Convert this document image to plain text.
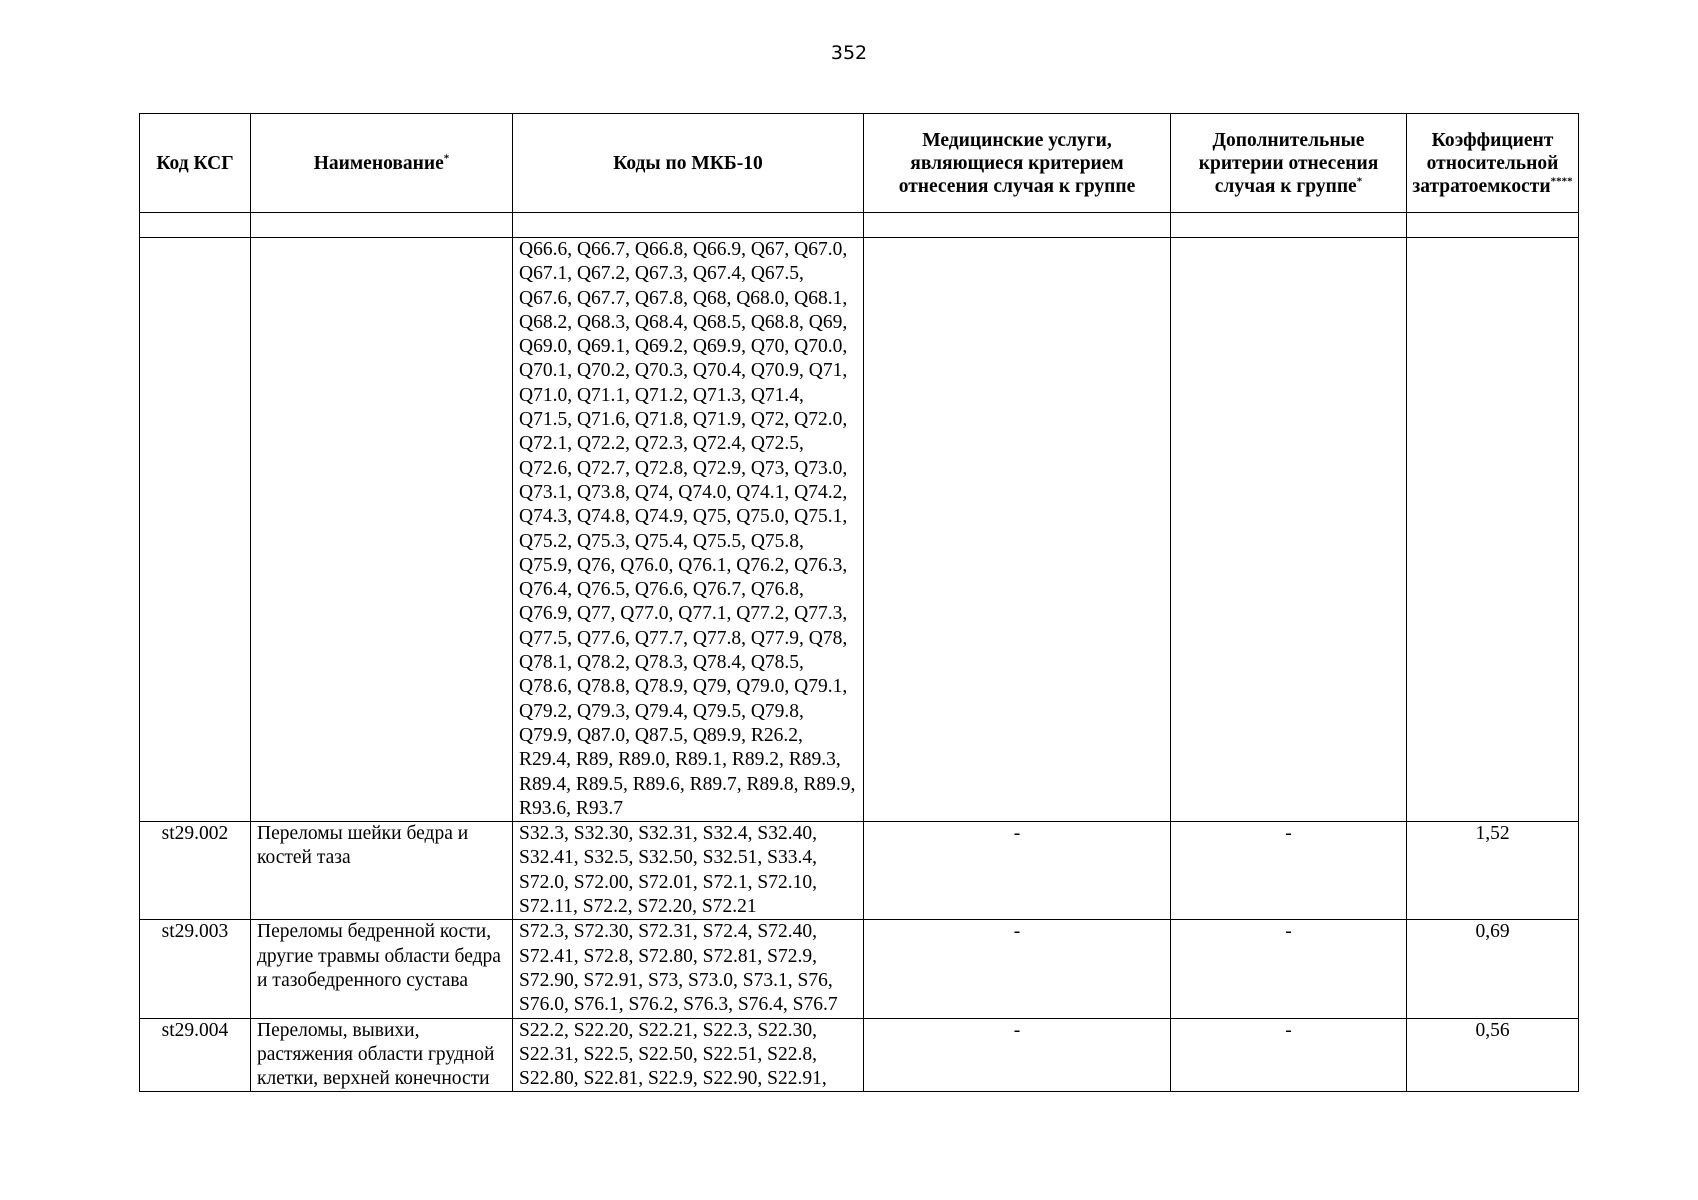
352
Код КСГ	Наименование*	Коды по МКБ-10	Медицинские услуги, являющиеся критерием отнесения случая к группе	Дополнительные критерии отнесения случая к группе*	Коэффициент относительной затратоемкости****

		Q66.6, Q66.7, Q66.8, Q66.9, Q67, Q67.0, Q67.1, Q67.2, Q67.3, Q67.4, Q67.5, Q67.6, Q67.7, Q67.8, Q68, Q68.0, Q68.1, Q68.2, Q68.3, Q68.4, Q68.5, Q68.8, Q69, Q69.0, Q69.1, Q69.2, Q69.9, Q70, Q70.0, Q70.1, Q70.2, Q70.3, Q70.4, Q70.9, Q71, Q71.0, Q71.1, Q71.2, Q71.3, Q71.4, Q71.5, Q71.6, Q71.8, Q71.9, Q72, Q72.0, Q72.1, Q72.2, Q72.3, Q72.4, Q72.5, Q72.6, Q72.7, Q72.8, Q72.9, Q73, Q73.0, Q73.1, Q73.8, Q74, Q74.0, Q74.1, Q74.2, Q74.3, Q74.8, Q74.9, Q75, Q75.0, Q75.1, Q75.2, Q75.3, Q75.4, Q75.5, Q75.8, Q75.9, Q76, Q76.0, Q76.1, Q76.2, Q76.3, Q76.4, Q76.5, Q76.6, Q76.7, Q76.8, Q76.9, Q77, Q77.0, Q77.1, Q77.2, Q77.3, Q77.5, Q77.6, Q77.7, Q77.8, Q77.9, Q78, Q78.1, Q78.2, Q78.3, Q78.4, Q78.5, Q78.6, Q78.8, Q78.9, Q79, Q79.0, Q79.1, Q79.2, Q79.3, Q79.4, Q79.5, Q79.8, Q79.9, Q87.0, Q87.5, Q89.9, R26.2, R29.4, R89, R89.0, R89.1, R89.2, R89.3, R89.4, R89.5, R89.6, R89.7, R89.8, R89.9, R93.6, R93.7			
st29.002	Переломы шейки бедра и костей таза	S32.3, S32.30, S32.31, S32.4, S32.40, S32.41, S32.5, S32.50, S32.51, S33.4, S72.0, S72.00, S72.01, S72.1, S72.10, S72.11, S72.2, S72.20, S72.21	-	-	1,52
st29.003	Переломы бедренной кости, другие травмы области бедра и тазобедренного сустава	S72.3, S72.30, S72.31, S72.4, S72.40, S72.41, S72.8, S72.80, S72.81, S72.9, S72.90, S72.91, S73, S73.0, S73.1, S76, S76.0, S76.1, S76.2, S76.3, S76.4, S76.7	-	-	0,69
st29.004	Переломы, вывихи, растяжения области грудной клетки, верхней конечности	S22.2, S22.20, S22.21, S22.3, S22.30, S22.31, S22.5, S22.50, S22.51, S22.8, S22.80, S22.81, S22.9, S22.90, S22.91,	-	-	0,56
